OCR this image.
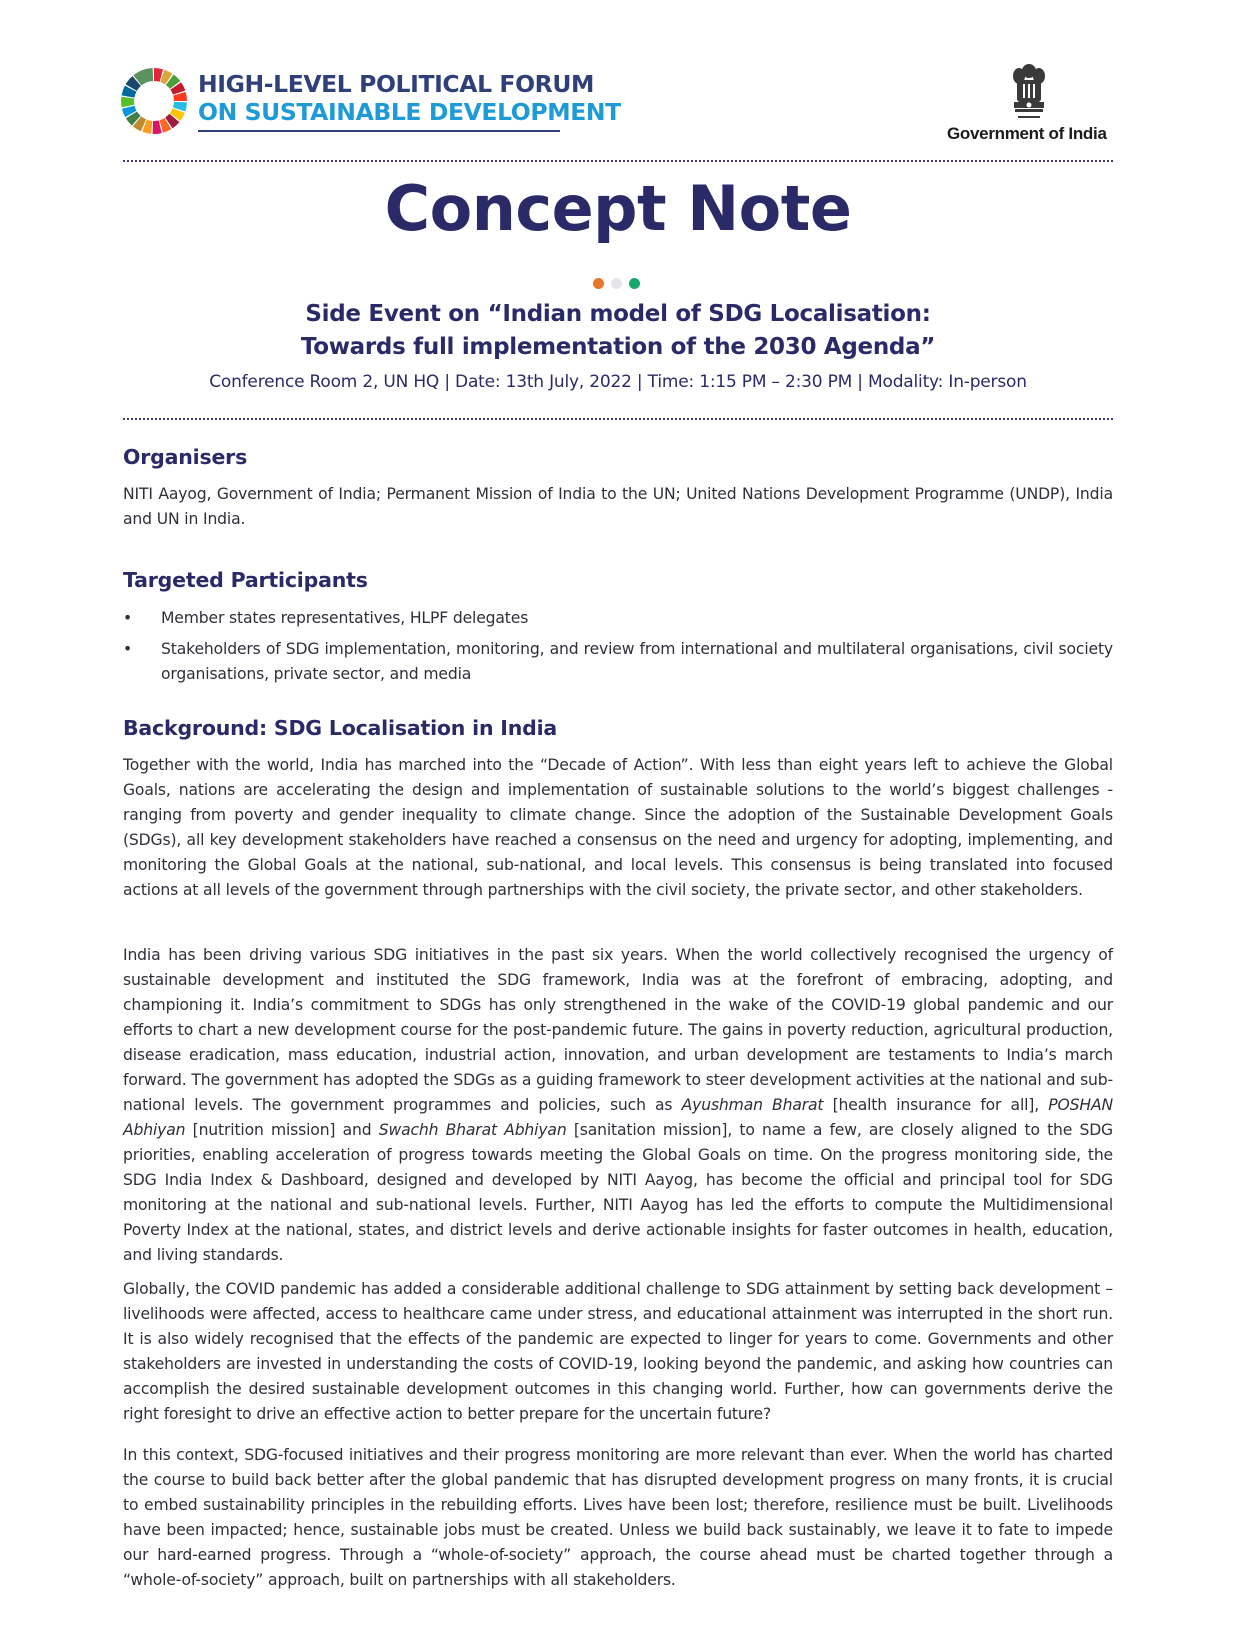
HIGH-LEVEL POLITICAL FORUM
ON SUSTAINABLE DEVELOPMENT
Government of India
Concept Note
Side Event on “Indian model of SDG Localisation:
Towards full implementation of the 2030 Agenda”
Conference Room 2, UN HQ | Date: 13th July, 2022 | Time: 1:15 PM – 2:30 PM | Modality: In-person
Organisers
NITI Aayog, Government of India; Permanent Mission of India to the UN; United Nations Development Programme (UNDP), India and UN in India.
Targeted Participants
• Member states representatives, HLPF delegates
• Stakeholders of SDG implementation, monitoring, and review from international and multilateral organisations, civil society organisations, private sector, and media
Background: SDG Localisation in India
Together with the world, India has marched into the “Decade of Action”. With less than eight years left to achieve the Global Goals, nations are accelerating the design and implementation of sustainable solutions to the world’s biggest challenges - ranging from poverty and gender inequality to climate change. Since the adoption of the Sustainable Development Goals (SDGs), all key development stakeholders have reached a consensus on the need and urgency for adopting, implementing, and monitoring the Global Goals at the national, sub-national, and local levels. This consensus is being translated into focused actions at all levels of the government through partnerships with the civil society, the private sector, and other stakeholders.
India has been driving various SDG initiatives in the past six years. When the world collectively recognised the urgency of sustainable development and instituted the SDG framework, India was at the forefront of embracing, adopting, and championing it. India’s commitment to SDGs has only strengthened in the wake of the COVID-19 global pandemic and our efforts to chart a new development course for the post-pandemic future. The gains in poverty reduction, agricultural production, disease eradication, mass education, industrial action, innovation, and urban development are testaments to India’s march forward. The government has adopted the SDGs as a guiding framework to steer development activities at the national and sub-national levels. The government programmes and policies, such as Ayushman Bharat [health insurance for all], POSHAN Abhiyan [nutrition mission] and Swachh Bharat Abhiyan [sanitation mission], to name a few, are closely aligned to the SDG priorities, enabling acceleration of progress towards meeting the Global Goals on time. On the progress monitoring side, the SDG India Index & Dashboard, designed and developed by NITI Aayog, has become the official and principal tool for SDG monitoring at the national and sub-national levels. Further, NITI Aayog has led the efforts to compute the Multidimensional Poverty Index at the national, states, and district levels and derive actionable insights for faster outcomes in health, education, and living standards.
Globally, the COVID pandemic has added a considerable additional challenge to SDG attainment by setting back development – livelihoods were affected, access to healthcare came under stress, and educational attainment was interrupted in the short run. It is also widely recognised that the effects of the pandemic are expected to linger for years to come. Governments and other stakeholders are invested in understanding the costs of COVID-19, looking beyond the pandemic, and asking how countries can accomplish the desired sustainable development outcomes in this changing world. Further, how can governments derive the right foresight to drive an effective action to better prepare for the uncertain future?
In this context, SDG-focused initiatives and their progress monitoring are more relevant than ever. When the world has charted the course to build back better after the global pandemic that has disrupted development progress on many fronts, it is crucial to embed sustainability principles in the rebuilding efforts. Lives have been lost; therefore, resilience must be built. Livelihoods have been impacted; hence, sustainable jobs must be created. Unless we build back sustainably, we leave it to fate to impede our hard-earned progress. Through a “whole-of-society” approach, the course ahead must be charted together through a “whole-of-society” approach, built on partnerships with all stakeholders.
